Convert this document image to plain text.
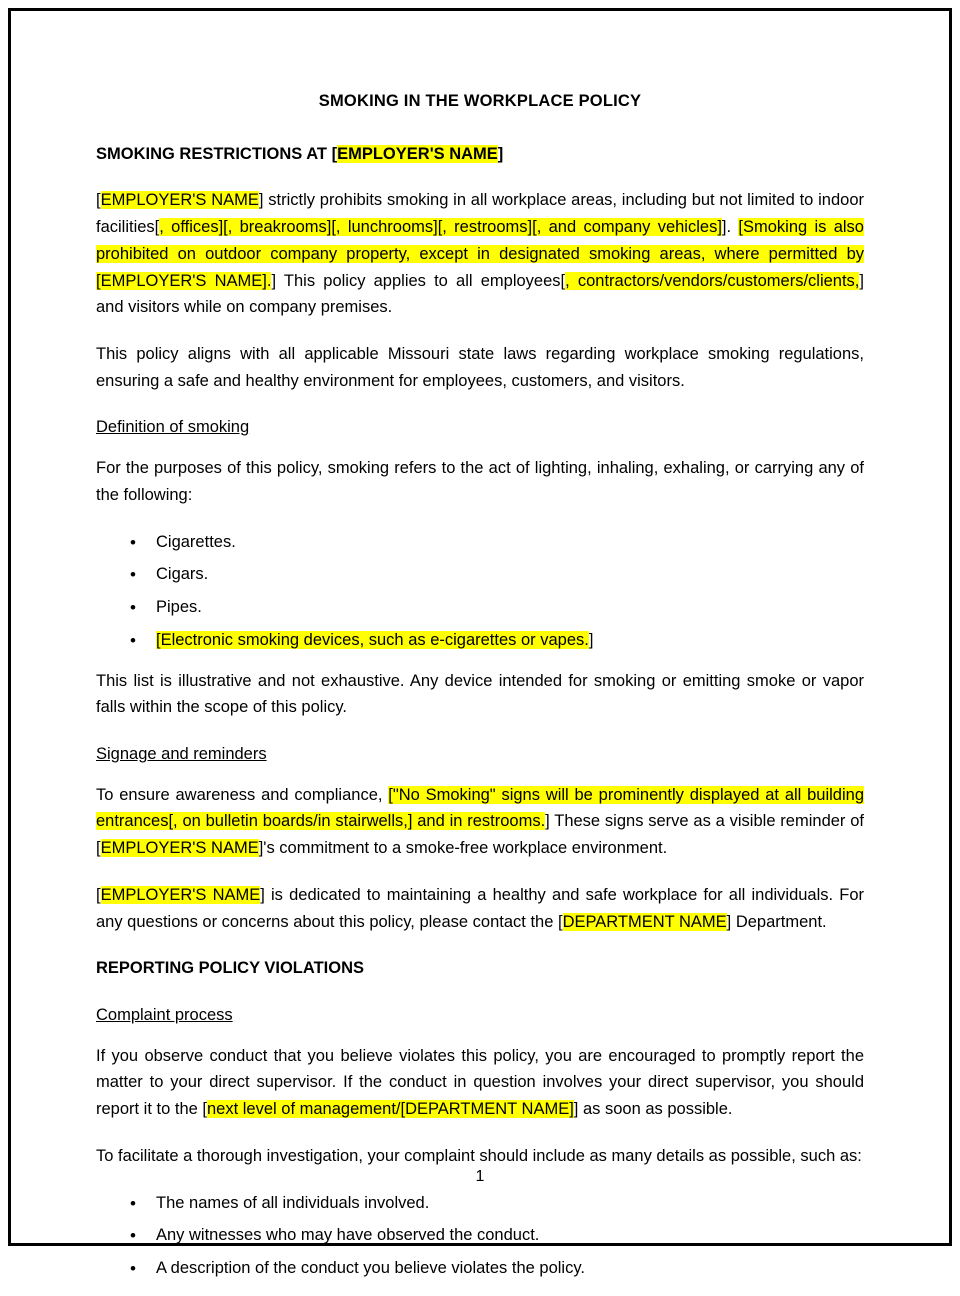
SMOKING IN THE WORKPLACE POLICY
SMOKING RESTRICTIONS AT [EMPLOYER'S NAME]

[EMPLOYER'S NAME] strictly prohibits smoking in all workplace areas, including but not limited to indoor facilities[, offices][, breakrooms][, lunchrooms][, restrooms][, and company vehicles]]. [Smoking is also prohibited on outdoor company property, except in designated smoking areas, where permitted by [EMPLOYER'S NAME].] This policy applies to all employees[, contractors/vendors/customers/clients,] and visitors while on company premises.

This policy aligns with all applicable Missouri state laws regarding workplace smoking regulations, ensuring a safe and healthy environment for employees, customers, and visitors.

Definition of smoking

For the purposes of this policy, smoking refers to the act of lighting, inhaling, exhaling, or carrying any of the following:

• Cigarettes.
• Cigars.
• Pipes.
• [Electronic smoking devices, such as e-cigarettes or vapes.]

This list is illustrative and not exhaustive. Any device intended for smoking or emitting smoke or vapor falls within the scope of this policy.

Signage and reminders

To ensure awareness and compliance, ["No Smoking" signs will be prominently displayed at all building entrances[, on bulletin boards/in stairwells,] and in restrooms.] These signs serve as a visible reminder of [EMPLOYER'S NAME]'s commitment to a smoke-free workplace environment.

[EMPLOYER'S NAME] is dedicated to maintaining a healthy and safe workplace for all individuals. For any questions or concerns about this policy, please contact the [DEPARTMENT NAME] Department.

REPORTING POLICY VIOLATIONS
Complaint process

If you observe conduct that you believe violates this policy, you are encouraged to promptly report the matter to your direct supervisor. If the conduct in question involves your direct supervisor, you should report it to the [next level of management/[DEPARTMENT NAME]] as soon as possible.

To facilitate a thorough investigation, your complaint should include as many details as possible, such as:

• The names of all individuals involved.
• Any witnesses who may have observed the conduct.
• A description of the conduct you believe violates the policy.
1
